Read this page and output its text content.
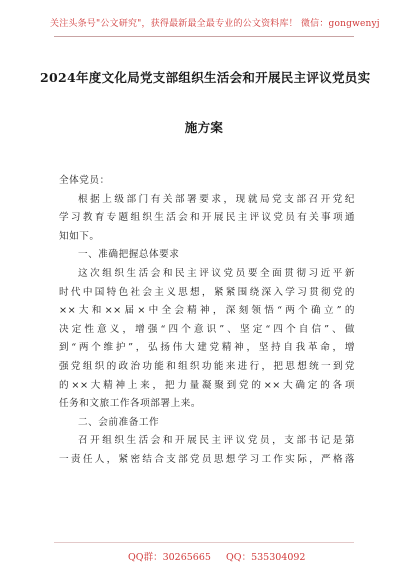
关注头条号"公文研究"，获得最新最全最专业的公文资料库！ 微信：gongwenyj
2024年度文化局党支部组织生活会和开展民主评议党员实
施方案
全体党员：
根据上级部门有关部署要求，现就局党支部召开党纪
学习教育专题组织生活会和开展民主评议党员有关事项通
知如下。
一、准确把握总体要求
这次组织生活会和民主评议党员要全面贯彻习近平新
时代中国特色社会主义思想，紧紧围绕深入学习贯彻党的
××大和××届×中全会精神，深刻领悟“两个确立”的
决定性意义，增强“四个意识”、坚定“四个自信”、做
到“两个维护”，弘扬伟大建党精神，坚持自我革命，增
强党组织的政治功能和组织功能来进行，把思想统一到党
的××大精神上来，把力量凝聚到党的××大确定的各项
任务和文旅工作各项部署上来。
二、会前准备工作
召开组织生活会和开展民主评议党员，支部书记是第
一责任人，紧密结合支部党员思想学习工作实际，严格落
QQ群：30265665 QQ：535304092
